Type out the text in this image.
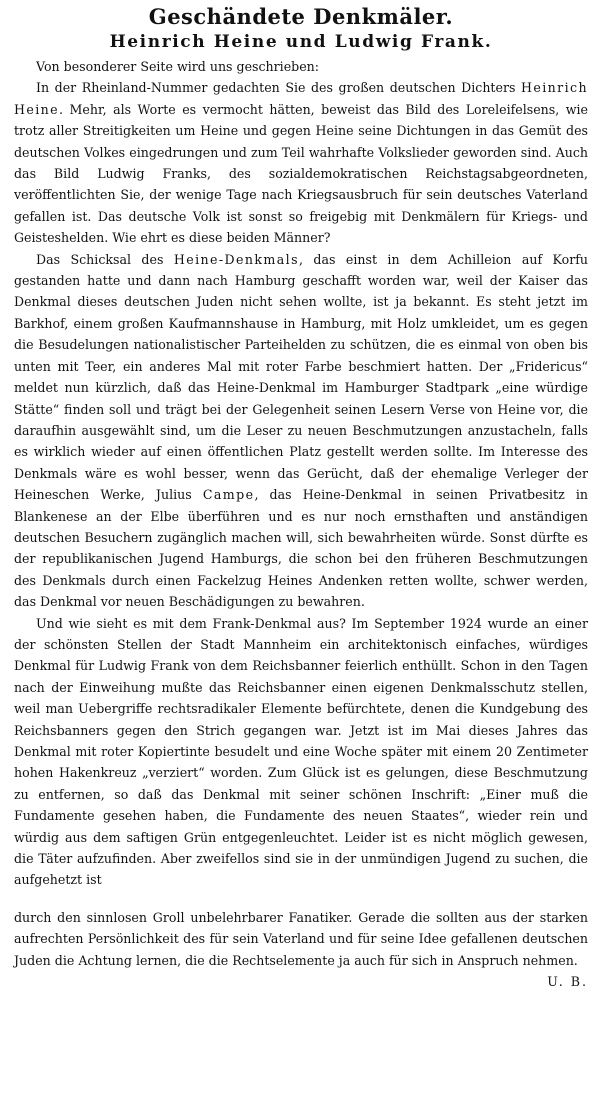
Geschändete Denkmäler.
Heinrich Heine und Ludwig Frank.

Von besonderer Seite wird uns geschrieben:

In der Rheinland-Nummer gedachten Sie des großen deutschen Dichters Heinrich Heine. Mehr, als Worte es vermocht hätten, beweist das Bild des Loreleifelsens, wie trotz aller Streitigkeiten um Heine und gegen Heine seine Dichtungen in das Gemüt des deutschen Volkes eingedrungen und zum Teil wahrhafte Volkslieder geworden sind. Auch das Bild Ludwig Franks, des sozialdemokratischen Reichstagsabgeordneten, veröffentlichten Sie, der wenige Tage nach Kriegsausbruch für sein deutsches Vaterland gefallen ist. Das deutsche Volk ist sonst so freigebig mit Denkmälern für Kriegs- und Geisteshelden. Wie ehrt es diese beiden Männer?

Das Schicksal des Heine-Denkmals, das einst in dem Achilleion auf Korfu gestanden hatte und dann nach Hamburg geschafft worden war, weil der Kaiser das Denkmal dieses deutschen Juden nicht sehen wollte, ist ja bekannt. Es steht jetzt im Barkhof, einem großen Kaufmannshause in Hamburg, mit Holz umkleidet, um es gegen die Besudelungen nationalistischer Parteihelden zu schützen, die es einmal von oben bis unten mit Teer, ein anderes Mal mit roter Farbe beschmiert hatten. Der „Fridericus“ meldet nun kürzlich, daß das Heine-Denkmal im Hamburger Stadtpark „eine würdige Stätte“ finden soll und trägt bei der Gelegenheit seinen Lesern Verse von Heine vor, die daraufhin ausgewählt sind, um die Leser zu neuen Beschmutzungen anzustacheln, falls es wirklich wieder auf einen öffentlichen Platz gestellt werden sollte. Im Interesse des Denkmals wäre es wohl besser, wenn das Gerücht, daß der ehemalige Verleger der Heineschen Werke, Julius Campe, das Heine-Denkmal in seinen Privatbesitz in Blankenese an der Elbe überführen und es nur noch ernsthaften und anständigen deutschen Besuchern zugänglich machen will, sich bewahrheiten würde. Sonst dürfte es der republikanischen Jugend Hamburgs, die schon bei den früheren Beschmutzungen des Denkmals durch einen Fackelzug Heines Andenken retten wollte, schwer werden, das Denkmal vor neuen Beschädigungen zu bewahren.

Und wie sieht es mit dem Frank-Denkmal aus? Im September 1924 wurde an einer der schönsten Stellen der Stadt Mannheim ein architektonisch einfaches, würdiges Denkmal für Ludwig Frank von dem Reichsbanner feierlich enthüllt. Schon in den Tagen nach der Einweihung mußte das Reichsbanner einen eigenen Denkmalsschutz stellen, weil man Uebergriffe rechtsradikaler Elemente befürchtete, denen die Kundgebung des Reichsbanners gegen den Strich gegangen war. Jetzt ist im Mai dieses Jahres das Denkmal mit roter Kopiertinte besudelt und eine Woche später mit einem 20 Zentimeter hohen Hakenkreuz „verziert“ worden. Zum Glück ist es gelungen, diese Beschmutzung zu entfernen, so daß das Denkmal mit seiner schönen Inschrift: „Einer muß die Fundamente gesehen haben, die Fundamente des neuen Staates“, wieder rein und würdig aus dem saftigen Grün entgegenleuchtet. Leider ist es nicht möglich gewesen, die Täter aufzufinden. Aber zweifellos sind sie in der unmündigen Jugend zu suchen, die aufgehetzt ist

durch den sinnlosen Groll unbelehrbarer Fanatiker. Gerade die sollten aus der starken aufrechten Persönlichkeit des für sein Vaterland und für seine Idee gefallenen deutschen Juden die Achtung lernen, die die Rechtselemente ja auch für sich in Anspruch nehmen.
U. B.
